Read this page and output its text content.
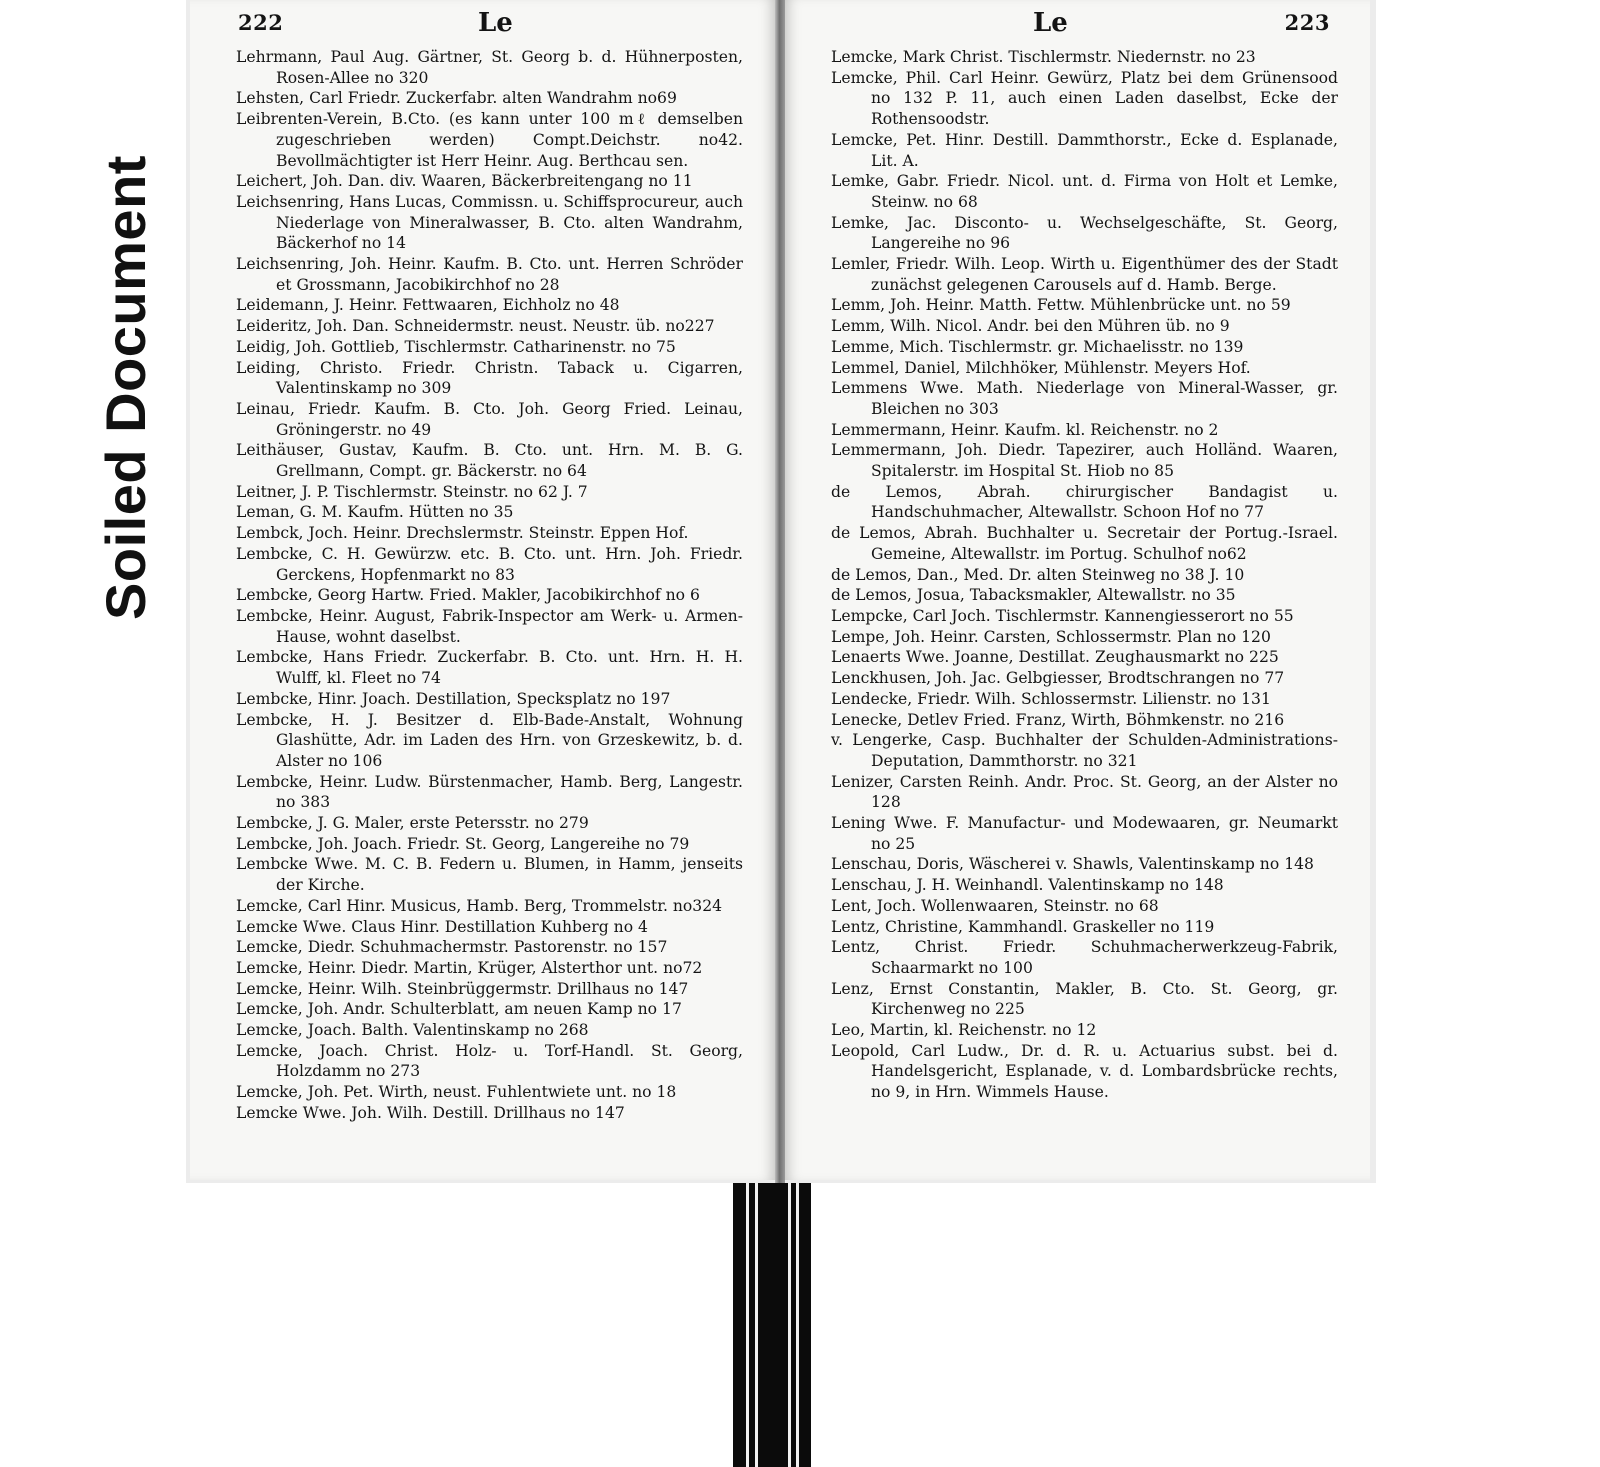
Soiled Document
222	Le
Lehrmann, Paul Aug. Gärtner, St. Georg b. d. Hühnerposten, Rosen-Allee no 320
Lehsten, Carl Friedr. Zuckerfabr. alten Wandrahm no69
Leibrenten-Verein, B.Cto. (es kann unter 100 mℓ demselben zugeschrieben werden) Compt.Deichstr. no42. Bevollmächtigter ist Herr Heinr. Aug. Berthcau sen.
Leichert, Joh. Dan. div. Waaren, Bäckerbreitengang no 11
Leichsenring, Hans Lucas, Commissn. u. Schiffsprocureur, auch Niederlage von Mineralwasser, B. Cto. alten Wandrahm, Bäckerhof no 14
Leichsenring, Joh. Heinr. Kaufm. B. Cto. unt. Herren Schröder et Grossmann, Jacobikirchhof no 28
Leidemann, J. Heinr. Fettwaaren, Eichholz no 48
Leideritz, Joh. Dan. Schneidermstr. neust. Neustr. üb. no227
Leidig, Joh. Gottlieb, Tischlermstr. Catharinenstr. no 75
Leiding, Christo. Friedr. Christn. Taback u. Cigarren, Valentinskamp no 309
Leinau, Friedr. Kaufm. B. Cto. Joh. Georg Fried. Leinau, Gröningerstr. no 49
Leithäuser, Gustav, Kaufm. B. Cto. unt. Hrn. M. B. G. Grellmann, Compt. gr. Bäckerstr. no 64
Leitner, J. P. Tischlermstr. Steinstr. no 62 J. 7
Leman, G. M. Kaufm. Hütten no 35
Lembck, Joch. Heinr. Drechslermstr. Steinstr. Eppen Hof.
Lembcke, C. H. Gewürzw. etc. B. Cto. unt. Hrn. Joh. Friedr. Gerckens, Hopfenmarkt no 83
Lembcke, Georg Hartw. Fried. Makler, Jacobikirchhof no 6
Lembcke, Heinr. August, Fabrik-Inspector am Werk- u. Armen-Hause, wohnt daselbst.
Lembcke, Hans Friedr. Zuckerfabr. B. Cto. unt. Hrn. H. H. Wulff, kl. Fleet no 74
Lembcke, Hinr. Joach. Destillation, Specksplatz no 197
Lembcke, H. J. Besitzer d. Elb-Bade-Anstalt, Wohnung Glashütte, Adr. im Laden des Hrn. von Grzeskewitz, b. d. Alster no 106
Lembcke, Heinr. Ludw. Bürstenmacher, Hamb. Berg, Langestr. no 383
Lembcke, J. G. Maler, erste Petersstr. no 279
Lembcke, Joh. Joach. Friedr. St. Georg, Langereihe no 79
Lembcke Wwe. M. C. B. Federn u. Blumen, in Hamm, jenseits der Kirche.
Lemcke, Carl Hinr. Musicus, Hamb. Berg, Trommelstr. no324
Lemcke Wwe. Claus Hinr. Destillation Kuhberg no 4
Lemcke, Diedr. Schuhmachermstr. Pastorenstr. no 157
Lemcke, Heinr. Diedr. Martin, Krüger, Alsterthor unt. no72
Lemcke, Heinr. Wilh. Steinbrüggermstr. Drillhaus no 147
Lemcke, Joh. Andr. Schulterblatt, am neuen Kamp no 17
Lemcke, Joach. Balth. Valentinskamp no 268
Lemcke, Joach. Christ. Holz- u. Torf-Handl. St. Georg, Holzdamm no 273
Lemcke, Joh. Pet. Wirth, neust. Fuhlentwiete unt. no 18
Lemcke Wwe. Joh. Wilh. Destill. Drillhaus no 147
Le	223
Lemcke, Mark Christ. Tischlermstr. Niedernstr. no 23
Lemcke, Phil. Carl Heinr. Gewürz, Platz bei dem Grünensood no 132 P. 11, auch einen Laden daselbst, Ecke der Rothensoodstr.
Lemcke, Pet. Hinr. Destill. Dammthorstr., Ecke d. Esplanade, Lit. A.
Lemke, Gabr. Friedr. Nicol. unt. d. Firma von Holt et Lemke, Steinw. no 68
Lemke, Jac. Disconto- u. Wechselgeschäfte, St. Georg, Langereihe no 96
Lemler, Friedr. Wilh. Leop. Wirth u. Eigenthümer des der Stadt zunächst gelegenen Carousels auf d. Hamb. Berge.
Lemm, Joh. Heinr. Matth. Fettw. Mühlenbrücke unt. no 59
Lemm, Wilh. Nicol. Andr. bei den Mühren üb. no 9
Lemme, Mich. Tischlermstr. gr. Michaelisstr. no 139
Lemmel, Daniel, Milchhöker, Mühlenstr. Meyers Hof.
Lemmens Wwe. Math. Niederlage von Mineral-Wasser, gr. Bleichen no 303
Lemmermann, Heinr. Kaufm. kl. Reichenstr. no 2
Lemmermann, Joh. Diedr. Tapezirer, auch Holländ. Waaren, Spitalerstr. im Hospital St. Hiob no 85
de Lemos, Abrah. chirurgischer Bandagist u. Handschuhmacher, Altewallstr. Schoon Hof no 77
de Lemos, Abrah. Buchhalter u. Secretair der Portug.-Israel. Gemeine, Altewallstr. im Portug. Schulhof no62
de Lemos, Dan., Med. Dr. alten Steinweg no 38 J. 10
de Lemos, Josua, Tabacksmakler, Altewallstr. no 35
Lempcke, Carl Joch. Tischlermstr. Kannengiesserort no 55
Lempe, Joh. Heinr. Carsten, Schlossermstr. Plan no 120
Lenaerts Wwe. Joanne, Destillat. Zeughausmarkt no 225
Lenckhusen, Joh. Jac. Gelbgiesser, Brodtschrangen no 77
Lendecke, Friedr. Wilh. Schlossermstr. Lilienstr. no 131
Lenecke, Detlev Fried. Franz, Wirth, Böhmkenstr. no 216
v. Lengerke, Casp. Buchhalter der Schulden-Administrations-Deputation, Dammthorstr. no 321
Lenizer, Carsten Reinh. Andr. Proc. St. Georg, an der Alster no 128
Lening Wwe. F. Manufactur- und Modewaaren, gr. Neumarkt no 25
Lenschau, Doris, Wäscherei v. Shawls, Valentinskamp no 148
Lenschau, J. H. Weinhandl. Valentinskamp no 148
Lent, Joch. Wollenwaaren, Steinstr. no 68
Lentz, Christine, Kammhandl. Graskeller no 119
Lentz, Christ. Friedr. Schuhmacherwerkzeug-Fabrik, Schaarmarkt no 100
Lenz, Ernst Constantin, Makler, B. Cto. St. Georg, gr. Kirchenweg no 225
Leo, Martin, kl. Reichenstr. no 12
Leopold, Carl Ludw., Dr. d. R. u. Actuarius subst. bei d. Handelsgericht, Esplanade, v. d. Lombardsbrücke rechts, no 9, in Hrn. Wimmels Hause.
